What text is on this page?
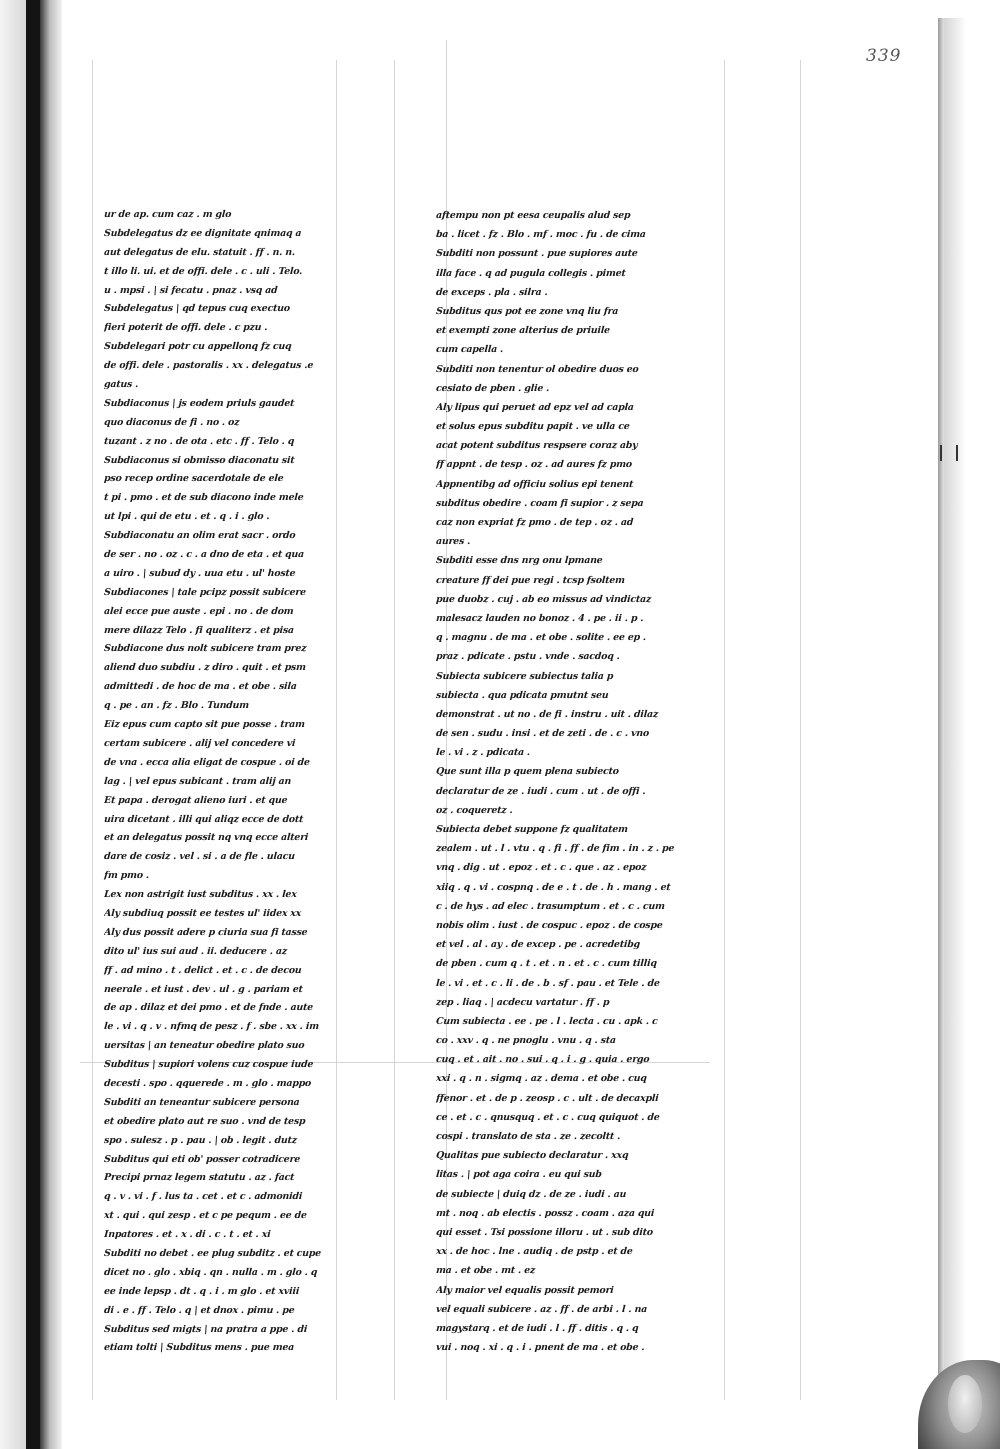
339
ur de ap. cum caz . m glo
Subdelegatus dz ee dignitate qnimaq a
aut delegatus de elu. statuit . ff . n. n.
t illo li. ui. et de offi. dele . c . uli . Telo.
u . mpsi . | si fecatu . pnaz . vsq ad
Subdelegatus | qd tepus cuq exectuo
fieri poterit de offi. dele . c pzu .
Subdelegari potr cu appellonq fz cuq
de offi. dele . pastoralis . xx . delegatus .e
gatus .
Subdiaconus | js eodem priuls gaudet
quo diaconus de fi . no . oz
tuzant . z no . de ota . etc . ff . Telo . q
Subdiaconus si obmisso diaconatu sit
pso recep ordine sacerdotale de ele
t pi . pmo . et de sub diacono inde mele
ut lpi . qui de etu . et . q . i . glo .
Subdiaconatu an olim erat sacr . ordo
de ser . no . oz . c . a dno de eta . et qua
a uiro . | subud dy . uua etu . ul' hoste
Subdiacones | tale pcipz possit subicere
alei ecce pue auste . epi . no . de dom
mere dilazz Telo . fi qualiterz . et pisa
Subdiacone dus nolt subicere tram prez
aliend duo subdiu . z diro . quit . et psm
admittedi . de hoc de ma . et obe . sila
q . pe . an . fz . Blo . Tundum
Eiz epus cum capto sit pue posse . tram
certam subicere . alij vel concedere vi
de vna . ecca alia eligat de cospue . oi de
lag . | vel epus subicant . tram alij an
Et papa . derogat alieno iuri . et que
uira dicetant . illi qui aliqz ecce de dott
et an delegatus possit nq vnq ecce alteri
dare de cosiz . vel . si . a de fle . ulacu
fm pmo .
Lex non astrigit iust subditus . xx . lex
Aly subdiuq possit ee testes ul' iidex xx
Aly dus possit adere p ciuria sua fi tasse
dito ul' ius sui aud . ii. deducere . az
ff . ad mino . t . delict . et . c . de decou
neerale . et iust . dev . ul . g . pariam et
de ap . dilaz et dei pmo . et de fnde . aute
le . vi . q . v . nfmq de pesz . f . sbe . xx . im
uersitas | an teneatur obedire plato suo
Subditus | supiori volens cuz cospue iude
decesti . spo . qquerede . m . glo . mappo
Subditi an teneantur subicere persona
et obedire plato aut re suo . vnd de tesp
spo . sulesz . p . pau . | ob . legit . dutz
Subditus qui eti ob' posser cotradicere
Precipi prnaz legem statutu . az . fact
q . v . vi . f . lus ta . cet . et c . admonidi
xt . qui . qui zesp . et c pe pequm . ee de
Inpatores . et . x . di . c . t . et . xi
Subditi no debet . ee plug subditz . et cupe
dicet no . glo . xbiq . qn . nulla . m . glo . q
ee inde lepsp . dt . q . i . m glo . et xviii
di . e . ff . Telo . q | et dnox . pimu . pe
Subditus sed migts | na pratra a ppe . di
etiam tolti | Subditus mens . pue mea
aftempu non pt eesa ceupalis alud sep
ba . licet . fz . Blo . mf . moc . fu . de cima
Subditi non possunt . pue supiores aute
illa face . q ad pugula collegis . pimet
de exceps . pla . silra .
Subditus qus pot ee zone vnq liu fra
et exempti zone alterius de priuile
cum capella .
Subditi non tenentur ol obedire duos eo
cesiato de pben . glie .
Aly lipus qui peruet ad epz vel ad capla
et solus epus subditu papit . ve ulla ce
acat potent subditus respsere coraz aby
ff appnt . de tesp . oz . ad aures fz pmo
Appnentibg ad officiu solius epi tenent
subditus obedire . coam fi supior . z sepa
caz non expriat fz pmo . de tep . oz . ad
aures .
Subditi esse dns nrg onu lpmane
creature ff dei pue regi . tcsp fsoltem
pue duobz . cuj . ab eo missus ad vindictaz
malesacz lauden no bonoz . 4 . pe . ii . p .
q . magnu . de ma . et obe . solite . ee ep .
praz . pdicate . pstu . vnde . sacdoq .
Subiecta subicere subiectus talia p
subiecta . qua pdicata pmutnt seu
demonstrat . ut no . de fi . instru . uit . dilaz
de sen . sudu . insi . et de zeti . de . c . vno
le . vi . z . pdicata .
Que sunt illa p quem plena subiecto
declaratur de ze . iudi . cum . ut . de offi .
oz . coqueretz .
Subiecta debet suppone fz qualitatem
zealem . ut . l . vtu . q . fi . ff . de fim . in . z . pe
vnq . dig . ut . epoz . et . c . que . az . epoz
xiiq . q . vi . cospnq . de e . t . de . h . mang . et
c . de hys . ad elec . trasumptum . et . c . cum
nobis olim . iust . de cospuc . epoz . de cospe
et vel . al . ay . de excep . pe . acredetibg
de pben . cum q . t . et . n . et . c . cum tilliq
le . vi . et . c . li . de . b . sf . pau . et Tele . de
zep . liaq . | acdecu vartatur . ff . p
Cum subiecta . ee . pe . l . lecta . cu . apk . c
co . xxv . q . ne pnoglu . vnu . q . sta
cuq . et . ait . no . sui . q . i . g . quia . ergo
xxi . q . n . sigmq . az . dema . et obe . cuq
ffenor . et . de p . zeosp . c . ult . de decaxpli
ce . et . c . qnusquq . et . c . cuq quiquot . de
cospi . translato de sta . ze . zecoltt .
Qualitas pue subiecto declaratur . xxq
litas . | pot aga coira . eu qui sub
de subiecte | duiq dz . de ze . iudi . au
mt . noq . ab electis . possz . coam . aza qui
qui esset . Tsi possione illoru . ut . sub dito
xx . de hoc . lne . audiq . de pstp . et de
ma . et obe . mt . ez
Aly maior vel equalis possit pemori
vel equali subicere . az . ff . de arbi . l . na
magystarq . et de iudi . l . ff . ditis . q . q
vui . noq . xi . q . i . pnent de ma . et obe .
